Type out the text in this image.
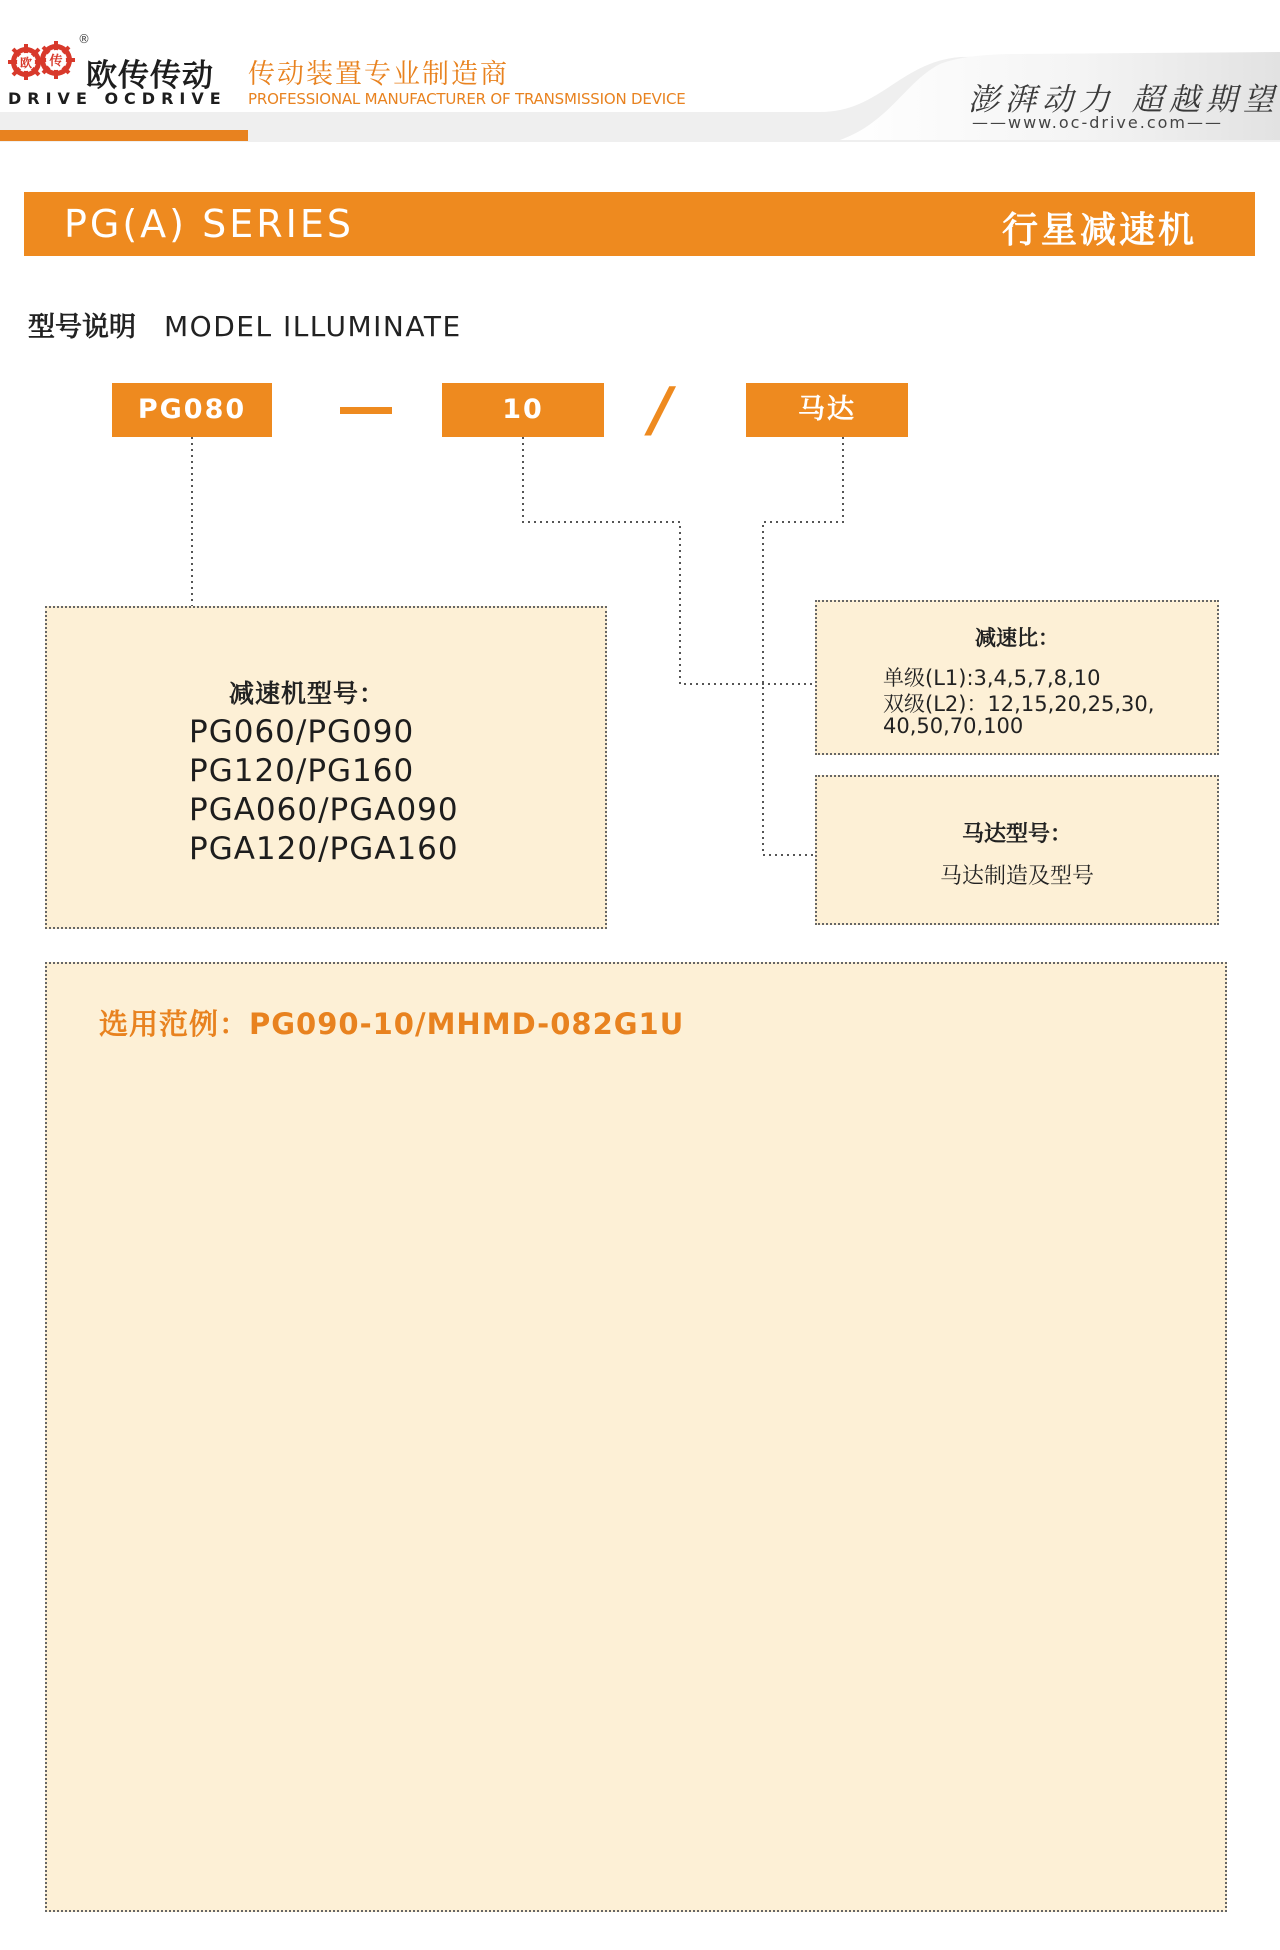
欧 传
®
欧传传动
DRIVE OCDRIVE
传动装置专业制造商
PROFESSIONAL MANUFACTURER OF TRANSMISSION DEVICE	澎湃动力 超越期望
——www.oc-drive.com——
PG(A) SERIES	行星减速机
型号说明 MODEL ILLUMINATE
PG080	10	/	马达
减速机型号：
PG060/PG090
PG120/PG160
PGA060/PGA090
PGA120/PGA160
减速比：
单级(L1):3,4,5,7,8,10
双级(L2)：12,15,20,25,30,
40,50,70,100
马达型号：
马达制造及型号
选用范例：PG090-10/MHMD-082G1U
